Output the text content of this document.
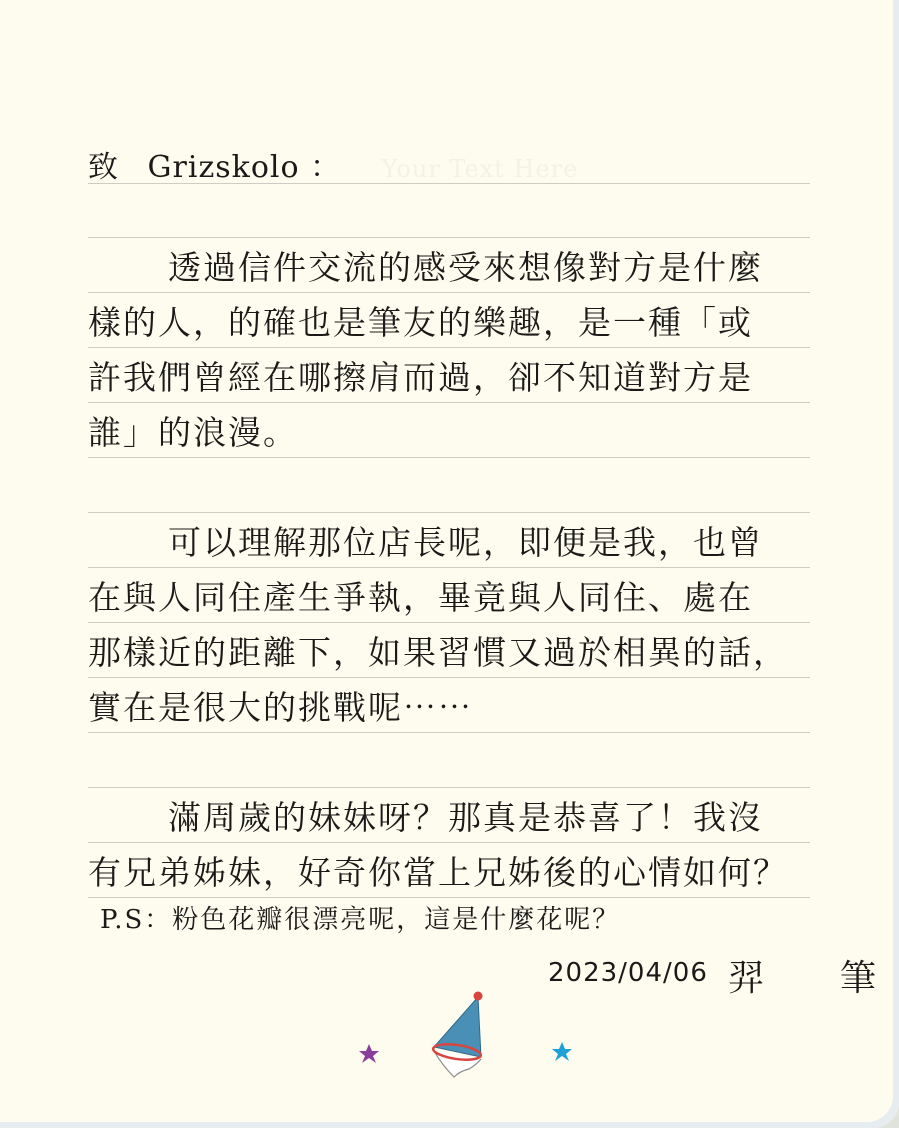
致 Grizskolo ： Your Text Here
透過信件交流的感受來想像對方是什麼
樣的人，的確也是筆友的樂趣，是一種「或
許我們曾經在哪擦肩而過，卻不知道對方是
誰」的浪漫。
可以理解那位店長呢，即便是我，也曾
在與人同住產生爭執，畢竟與人同住、處在
那樣近的距離下，如果習慣又過於相異的話，
實在是很大的挑戰呢⋯⋯
滿周歲的妹妹呀？那真是恭喜了！我沒
有兄弟姊妹，好奇你當上兄姊後的心情如何？
P.S：粉色花瓣很漂亮呢，這是什麼花呢？
2023/04/06 羿　筆
